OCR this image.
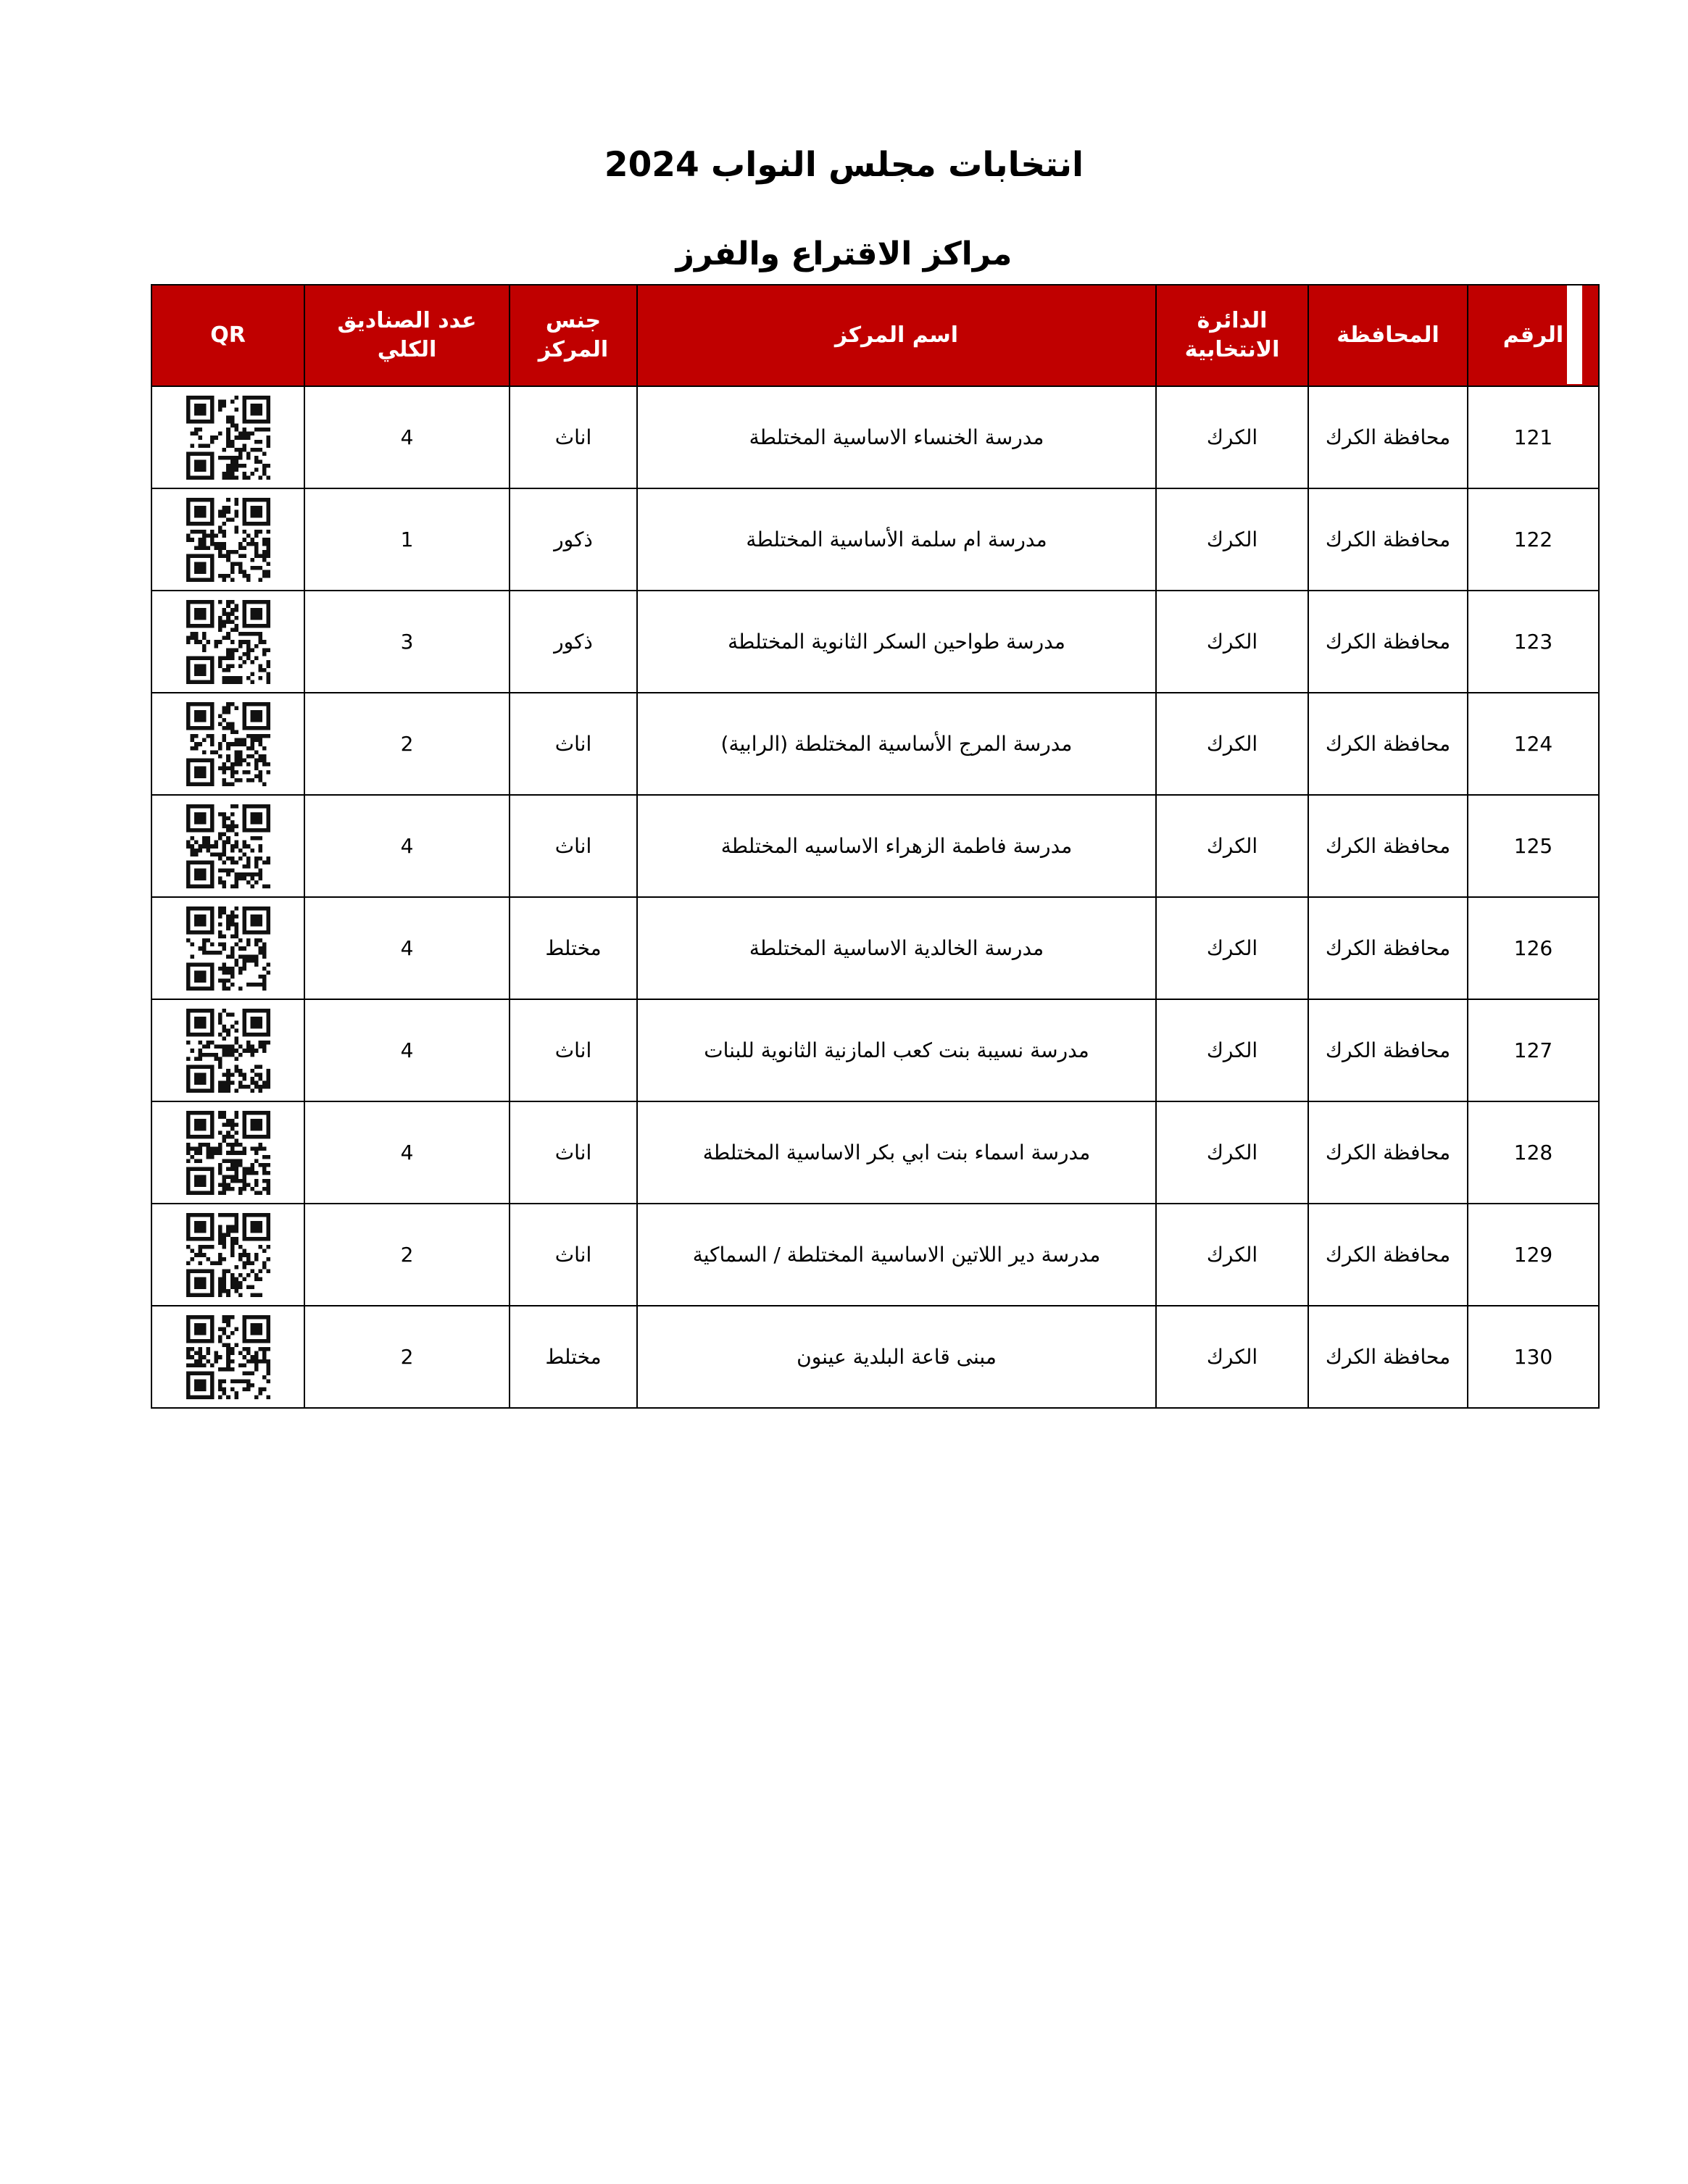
انتخابات مجلس النواب 2024
مراكز الاقتراع والفرز
الرقم	المحافظة	الدائرة الانتخابية	اسم المركز	جنس المركز	عدد الصناديق الكلي	QR
121	محافظة الكرك	الكرك	مدرسة الخنساء الاساسية المختلطة	اناث	4	

122	محافظة الكرك	الكرك	مدرسة ام سلمة الأساسية المختلطة	ذكور	1	

123	محافظة الكرك	الكرك	مدرسة طواحين السكر الثانوية المختلطة	ذكور	3	

124	محافظة الكرك	الكرك	مدرسة المرج الأساسية المختلطة (الرابية)	اناث	2	

125	محافظة الكرك	الكرك	مدرسة فاطمة الزهراء الاساسيه المختلطة	اناث	4	

126	محافظة الكرك	الكرك	مدرسة الخالدية الاساسية المختلطة	مختلط	4	

127	محافظة الكرك	الكرك	مدرسة نسيبة بنت كعب المازنية الثانوية للبنات	اناث	4	

128	محافظة الكرك	الكرك	مدرسة اسماء بنت ابي بكر الاساسية المختلطة	اناث	4	

129	محافظة الكرك	الكرك	مدرسة دير اللاتين الاساسية المختلطة / السماكية	اناث	2	

130	محافظة الكرك	الكرك	مبنى قاعة البلدية عينون	مختلط	2	
